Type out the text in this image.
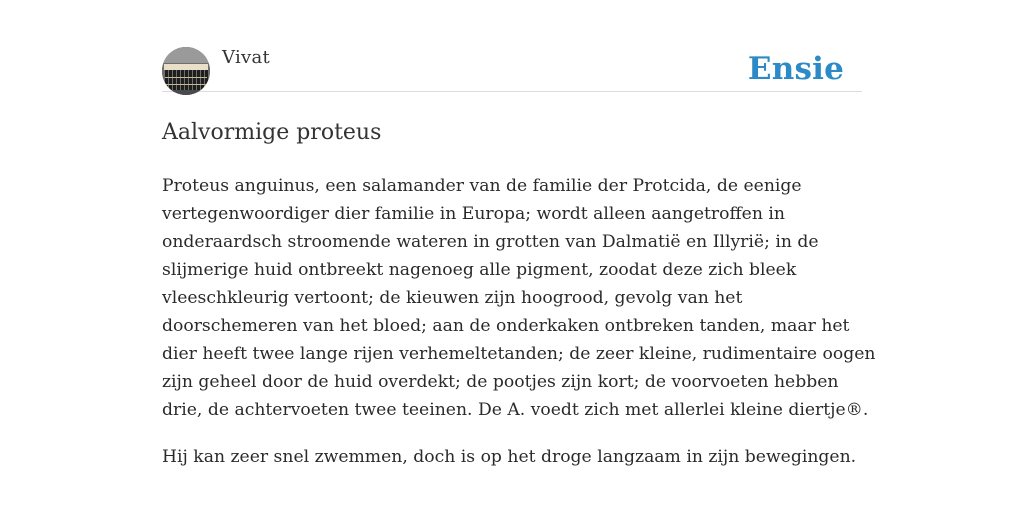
Vivat	Ensie
Aalvormige proteus

Proteus anguinus, een salamander van de familie der Protcida, de eenige vertegenwoordiger dier familie in Europa; wordt alleen aangetroffen in onderaardsch stroomende wateren in grotten van Dalmatië en Illyrië; in de slijmerige huid ontbreekt nagenoeg alle pigment, zoodat deze zich bleek vleeschkleurig vertoont; de kieuwen zijn hoogrood, gevolg van het doorschemeren van het bloed; aan de onderkaken ontbreken tanden, maar het dier heeft twee lange rijen verhemeltetanden; de zeer kleine, rudimentaire oogen zijn geheel door de huid overdekt; de pootjes zijn kort; de voorvoeten hebben drie, de achtervoeten twee teeinen. De A. voedt zich met allerlei kleine diertje®.

Hij kan zeer snel zwemmen, doch is op het droge langzaam in zijn bewegingen.
